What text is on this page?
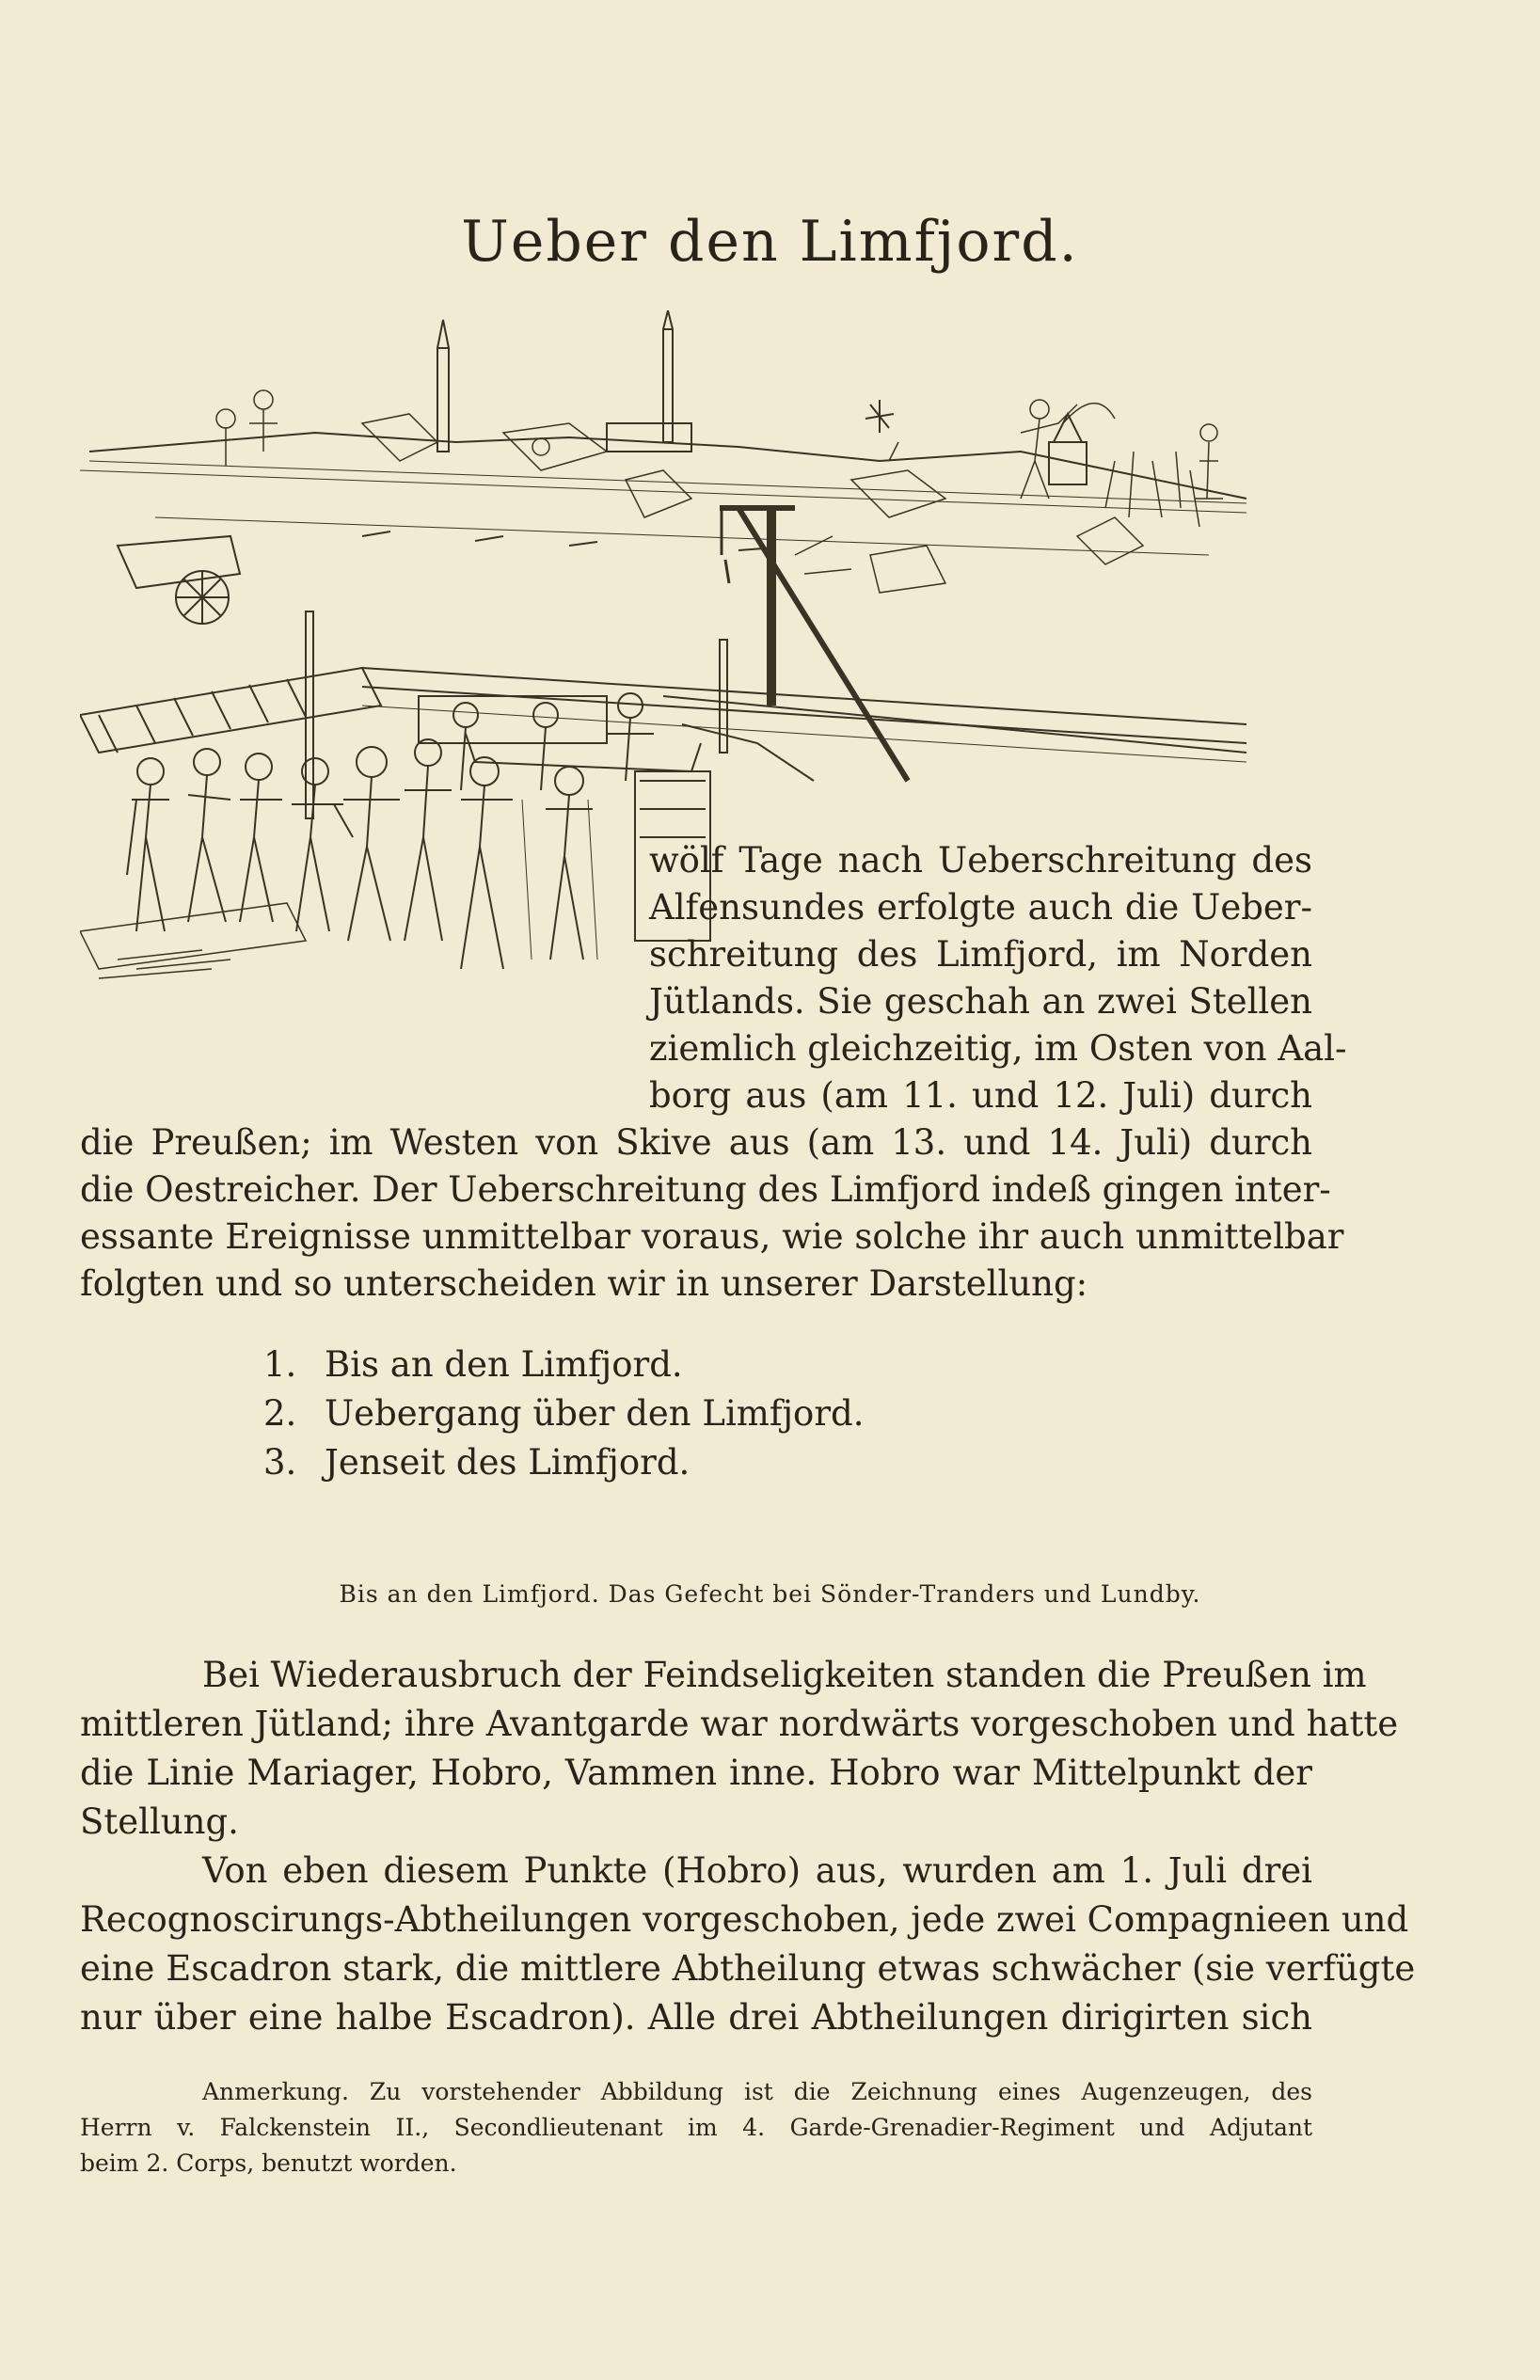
Ueber den Limfjord.
wölf Tage nach Ueberschreitung des
Alfensundes erfolgte auch die Ueber-
schreitung des Limfjord, im Norden
Jütlands. Sie geschah an zwei Stellen
ziemlich gleichzeitig, im Osten von Aal-
borg aus (am 11. und 12. Juli) durch
die Preußen; im Westen von Skive aus (am 13. und 14. Juli) durch
die Oestreicher. Der Ueberschreitung des Limfjord indeß gingen inter-
essante Ereignisse unmittelbar voraus, wie solche ihr auch unmittelbar
folgten und so unterscheiden wir in unserer Darstellung:
1. Bis an den Limfjord.
2. Uebergang über den Limfjord.
3. Jenseit des Limfjord.
Bis an den Limfjord. Das Gefecht bei Sönder-Tranders und Lundby.
Bei Wiederausbruch der Feindseligkeiten standen die Preußen im
mittleren Jütland; ihre Avantgarde war nordwärts vorgeschoben und hatte
die Linie Mariager, Hobro, Vammen inne. Hobro war Mittelpunkt der
Stellung.
Von eben diesem Punkte (Hobro) aus, wurden am 1. Juli drei
Recognoscirungs-Abtheilungen vorgeschoben, jede zwei Compagnieen und
eine Escadron stark, die mittlere Abtheilung etwas schwächer (sie verfügte
nur über eine halbe Escadron). Alle drei Abtheilungen dirigirten sich
Anmerkung. Zu vorstehender Abbildung ist die Zeichnung eines Augenzeugen, des
Herrn v. Falckenstein II., Secondlieutenant im 4. Garde-Grenadier-Regiment und Adjutant
beim 2. Corps, benutzt worden.
